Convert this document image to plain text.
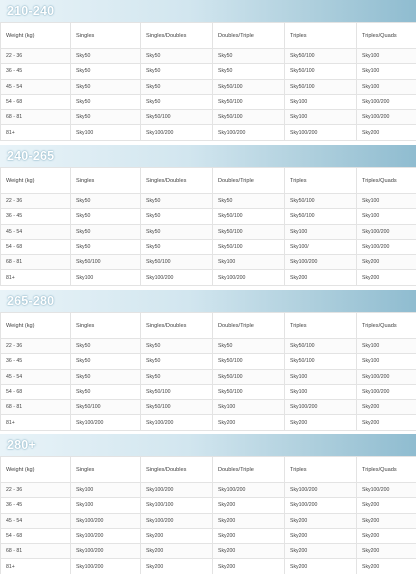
210-240
Weight (kg)	Singles	Singles/Doubles	Doubles/Triple	Triples	Triples/Quads
22 - 36	Sky50	Sky50	Sky50	Sky50/100	Sky100
36 - 45	Sky50	Sky50	Sky50	Sky50/100	Sky100
45 - 54	Sky50	Sky50	Sky50/100	Sky50/100	Sky100
54 - 68	Sky50	Sky50	Sky50/100	Sky100	Sky100/200
68 - 81	Sky50	Sky50/100	Sky50/100	Sky100	Sky100/200
81+	Sky100	Sky100/200	Sky100/200	Sky100/200	Sky200
240-265
Weight (kg)	Singles	Singles/Doubles	Doubles/Triple	Triples	Triples/Quads
22 - 36	Sky50	Sky50	Sky50	Sky50/100	Sky100
36 - 45	Sky50	Sky50	Sky50/100	Sky50/100	Sky100
45 - 54	Sky50	Sky50	Sky50/100	Sky100	Sky100/200
54 - 68	Sky50	Sky50	Sky50/100	Sky100/	Sky100/200
68 - 81	Sky50/100	Sky50/100	Sky100	Sky100/200	Sky200
81+	Sky100	Sky100/200	Sky100/200	Sky200	Sky200
265-280
Weight (kg)	Singles	Singles/Doubles	Doubles/Triple	Triples	Triples/Quads
22 - 36	Sky50	Sky50	Sky50	Sky50/100	Sky100
36 - 45	Sky50	Sky50	Sky50/100	Sky50/100	Sky100
45 - 54	Sky50	Sky50	Sky50/100	Sky100	Sky100/200
54 - 68	Sky50	Sky50/100	Sky50/100	Sky100	Sky100/200
68 - 81	Sky50/100	Sky50/100	Sky100	Sky100/200	Sky200
81+	Sky100/200	Sky100/200	Sky200	Sky200	Sky200
280+
Weight (kg)	Singles	Singles/Doubles	Doubles/Triple	Triples	Triples/Quads
22 - 36	Sky100	Sky100/200	Sky100/200	Sky100/200	Sky100/200
36 - 45	Sky100	Sky100/100	Sky200	Sky100/200	Sky200
45 - 54	Sky100/200	Sky100/200	Sky200	Sky200	Sky200
54 - 68	Sky100/200	Sky200	Sky200	Sky200	Sky200
68 - 81	Sky100/200	Sky200	Sky200	Sky200	Sky200
81+	Sky100/200	Sky200	Sky200	Sky200	Sky200
